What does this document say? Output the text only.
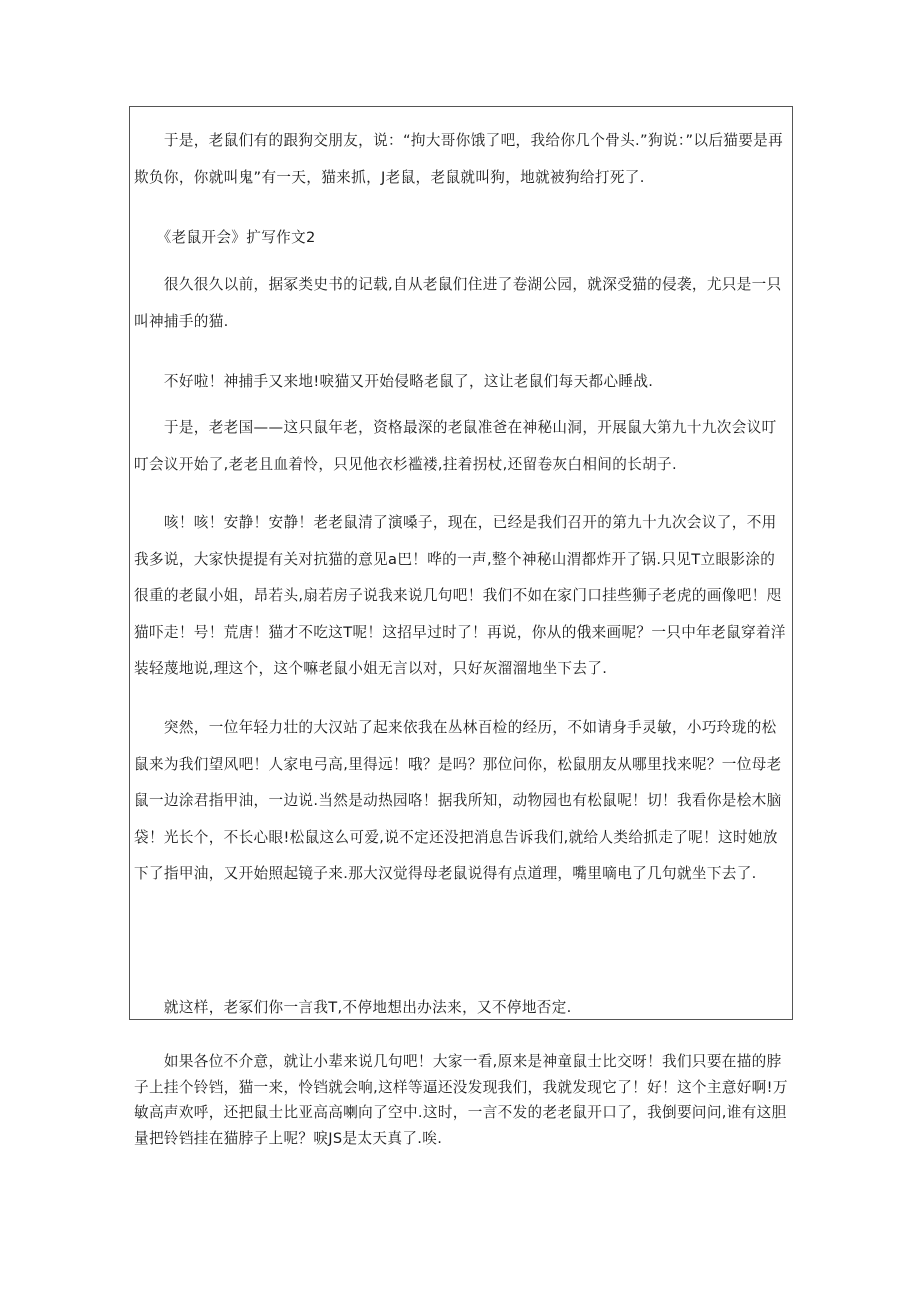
　　于是，老鼠们有的跟狗交朋友，说：“拘大哥你饿了吧，我给你几个骨头.”狗说：”以后猫要是再欺负你，你就叫鬼”有一天，猫来抓，J老鼠，老鼠就叫狗，地就被狗给打死了.

　　《老鼠开会》扩写作文2

　　很久很久以前，据冢类史书的记载,自从老鼠们住进了卷湖公园，就深受猫的侵袭，尤只是一只叫神捕手的猫.

　　不好啦！神捕手又来地!唳猫又开始侵略老鼠了，这让老鼠们每天都心睡战.

　　于是，老老国——这只鼠年老，资格最深的老鼠准爸在神秘山洞，开展鼠大第九十九次会议叮叮会议开始了,老老且血着怜，只见他衣杉褴褛,拄着拐杖,还留卷灰白相间的长胡子.

　　咳！咳！安静！安静！老老鼠清了演嗓子，现在，已经是我们召开的第九十九次会议了，不用我多说，大家快提提有关对抗猫的意见a巴！哗的一声,整个神秘山渭都炸开了锅.只见T立眼影涂的很重的老鼠小姐，昂若头,扇若房子说我来说几句吧！我们不如在家门口挂些狮子老虎的画像吧！咫猫吓走！号！荒唐！猫才不吃这T呢！这招早过时了！再说，你从的俄来画呢？一只中年老鼠穿着洋装轻蔑地说,理这个，这个嘛老鼠小姐无言以对，只好灰溜溜地坐下去了.

　　突然，一位年轻力壮的大汉站了起来依我在丛林百检的经历，不如请身手灵敏，小巧玲珑的松鼠来为我们望风吧！人家电弓高,里得远！哦？是吗？那位问你，松鼠朋友从哪里找来呢？一位母老鼠一边涂君指甲油，一边说.当然是动热园咯！据我所知，动物园也有松鼠呢！切！我看你是桧木脑袋！光长个，不长心眼!松鼠这么可爱,说不定还没把消息告诉我们,就给人类给抓走了呢！这时她放下了指甲油，又开始照起镜子来.那大汉觉得母老鼠说得有点道理，嘴里嘀电了几句就坐下去了.

　　就这样，老冢们你一言我T,不停地想出办法来，又不停地否定.

　　如果各位不介意，就让小辈来说几句吧！大家一看,原来是神童鼠士比交呀！我们只要在描的脖子上挂个铃铛，猫一来，怜铛就会响,这样等逼还没发现我们，我就发现它了！好！这个主意好啊!万敏高声欢呼，还把鼠士比亚高高喇向了空中.这时，一言不发的老老鼠开口了，我倒要问问,谁有这胆量把铃铛挂在猫脖子上呢？唳JS是太天真了.唉.
